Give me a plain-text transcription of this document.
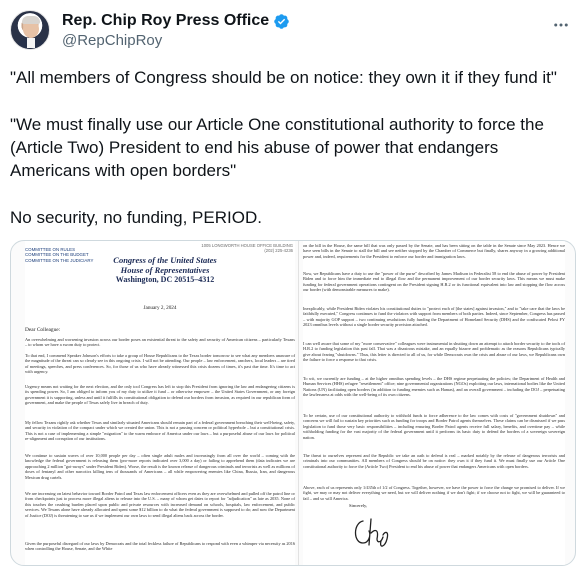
Rep. Chip Roy Press Office
@RepChipRoy
"All members of Congress should be on notice: they own it if they fund it"
"We must finally use our Article One constitutional authority to force the (Article Two) President to end his abuse of power that endangers Americans with open borders"
No security, no funding, PERIOD.
COMMITTEE ON RULES
COMMITTEE ON THE BUDGET
COMMITTEE ON THE JUDICIARY
1005 LONGWORTH HOUSE OFFICE BUILDING
(202) 225-4236
Congress of the United States
House of Representatives
Washington, DC 20515–4312
January 2, 2024
Dear Colleague:

An overwhelming and worsening invasion across our border poses an existential threat to the safety and security of American citizens – particularly Texans – to whom we have a sworn duty to protect.

To that end, I commend Speaker Johnson's efforts to take a group of House Republicans to the Texas border tomorrow to see what any members unaware of the magnitude of the threat can so clearly see in this ongoing crisis. I will not be attending. Our people – law enforcement, ranchers, local leaders – are tired of meetings, speeches, and press conferences. So, for those of us who have already witnessed this crisis dozens of times, it's past due time. It's time to act with urgency.

Urgency means not waiting for the next election, and the only tool Congress has left to stop this President from ignoring the law and endangering citizens is its spending power. So, I am obliged to inform you of my duty to utilize it fund – or otherwise empower – the United States Government, or any foreign government it is supporting, unless and until it fulfills its constitutional obligation to defend our borders from invasion, as required in our republican form of government, and make the people of Texas safely live in breach of duty.

My fellow Texans rightly ask whether Texas and similarly situated Americans should remain part of a federal government breaching their well-being, safety, and security in violation of the compact under which we created the union. This is not a passing concern or political hyperbole – but a constitutional crisis. This is not a case of implementing a simple "migration" to the warm embrace of America under our laws – but a purposeful abuse of our laws for political re-alignment and corruption of our institutions.

We continue to sustain waves of over 10,000 people per day – often single adult males and increasingly from all over the world – coming with the knowledge the federal government is releasing them (pro-more reports indicated over 3,000 a day) or failing to apprehend them (data indicates we are approaching 2 million "got-aways" under President Biden). Worse, the result is the known release of dangerous criminals and terrorists as well as millions of doses of fentanyl and other narcotics killing tens of thousands of Americans – all while empowering enemies like China, Russia, Iran, and dangerous Mexican drug cartels.

We are increasing on latest behavior toward Border Patrol and Texas law enforcement officers even as they are overwhelmed and pulled off the patrol line or from checkpoints just to process more illegal aliens to release into the U.S. – many of whom get dates to report for "adjudication" as late as 2035. None of this touches the crushing burden placed upon public and private resources with increased demand on schools, hospitals, law enforcement, and public services. We Texans alone have already allocated and spent some $12 billion to do what the federal government is supposed to do; and now the Department of Justice (DOJ) is threatening to sue us if we implement our own laws to send illegal aliens back across the border.

Given the purposeful disregard of our laws by Democrats and the total feckless failure of Republicans to respond with even a whimper via necessity as 2016 when controlling the House, Senate, and the White

on the bill in the House, the same bill that was only passed by the Senate, and has been sitting on the table in the Senate since May 2023. Hence we have seen bills in the Senate to stall the bill and see neither stopped by the Chamber of Commerce but finally, shares anyway in a growing additional power and, indeed, requirements for the President to enforce our border and immigration laws.

Now, we Republicans have a duty to use the "power of the purse" described by James Madison in Federalist 58 to end the abuse of power by President Biden and to force him the immediate end to illegal flow and the permanent improvement of our border security laws. This means we must make funding for federal government operations contingent on the President signing H.R.2 or its functional equivalent into law and stopping the flow across our border (with demonstrable measures to make).

Inexplicably, while President Biden violates his constitutional duties to "protect each of [the states] against invasion," and to "take care that the laws be faithfully executed," Congress continues to fund the violators with support from members of both parties. Indeed, since September, Congress has passed – with majority GOP support – two continuing resolutions fully funding the Department of Homeland Security (DHS) and the confiscated Pelosi FY 2023 omnibus levels without a single border security provision attached.

I can well aware that some of my "more conservative" colleagues were instrumental in shutting down an attempt to attach border security to the tools of H.R.2 to funding legislation this past fall. That was a disastrous mistake, and an equally bizarre and problematic as the reasons Republicans typically give about fearing "shutdowns." Thus, this letter is directed to all of us, for while Democrats own the crisis and abuse of our laws, we Republicans own the failure to force a response to that crisis.

To wit, we currently are funding – at the higher omnibus spending levels – the DHS regime perpetuating the policies; the Department of Health and Human Services (HHS) refugee "resettlement" office; nine governmental organizations (NGOs) exploiting our laws, international bodies like the United Nations (UN) facilitating open borders (in addition to funding enemies such as Hamas), and an overall government – including the DOJ – perpetuating the lawlessness at odds with the well-being of its own citizens.

To be certain, use of our constitutional authority to withhold funds to force adherence to the law comes with costs of "government shutdown" and concerns we will fail to sustain key priorities such as funding for troops and Border Patrol agents themselves. These claims can be dismissed if we pass legislation to fund those very basic responsibilities – including ensuring Border Patrol agents receive full salary, benefits, and overtime pay – while withholding funding for the vast majority of the federal government until it performs its basic duty to defend the borders of a sovereign sovereign nation.

The threat to ourselves represent and the Republic we take an oath to defend is real – marked notably by the release of dangerous terrorists and criminals into our communities. All members of Congress should be on notice: they own it if they fund it. We must finally use our Article One constitutional authority to force the (Article Two) President to end his abuse of power that endangers Americans with open borders.

Above, each of us represents only 1/435th of 1/2 of Congress. Together, however, we have the power to force the change we promised to deliver. If we fight, we may or may not deliver everything we need, but we will deliver nothing if we don't fight; if we choose not to fight, we will be guaranteed to fail – and so will America.

Sincerely,
